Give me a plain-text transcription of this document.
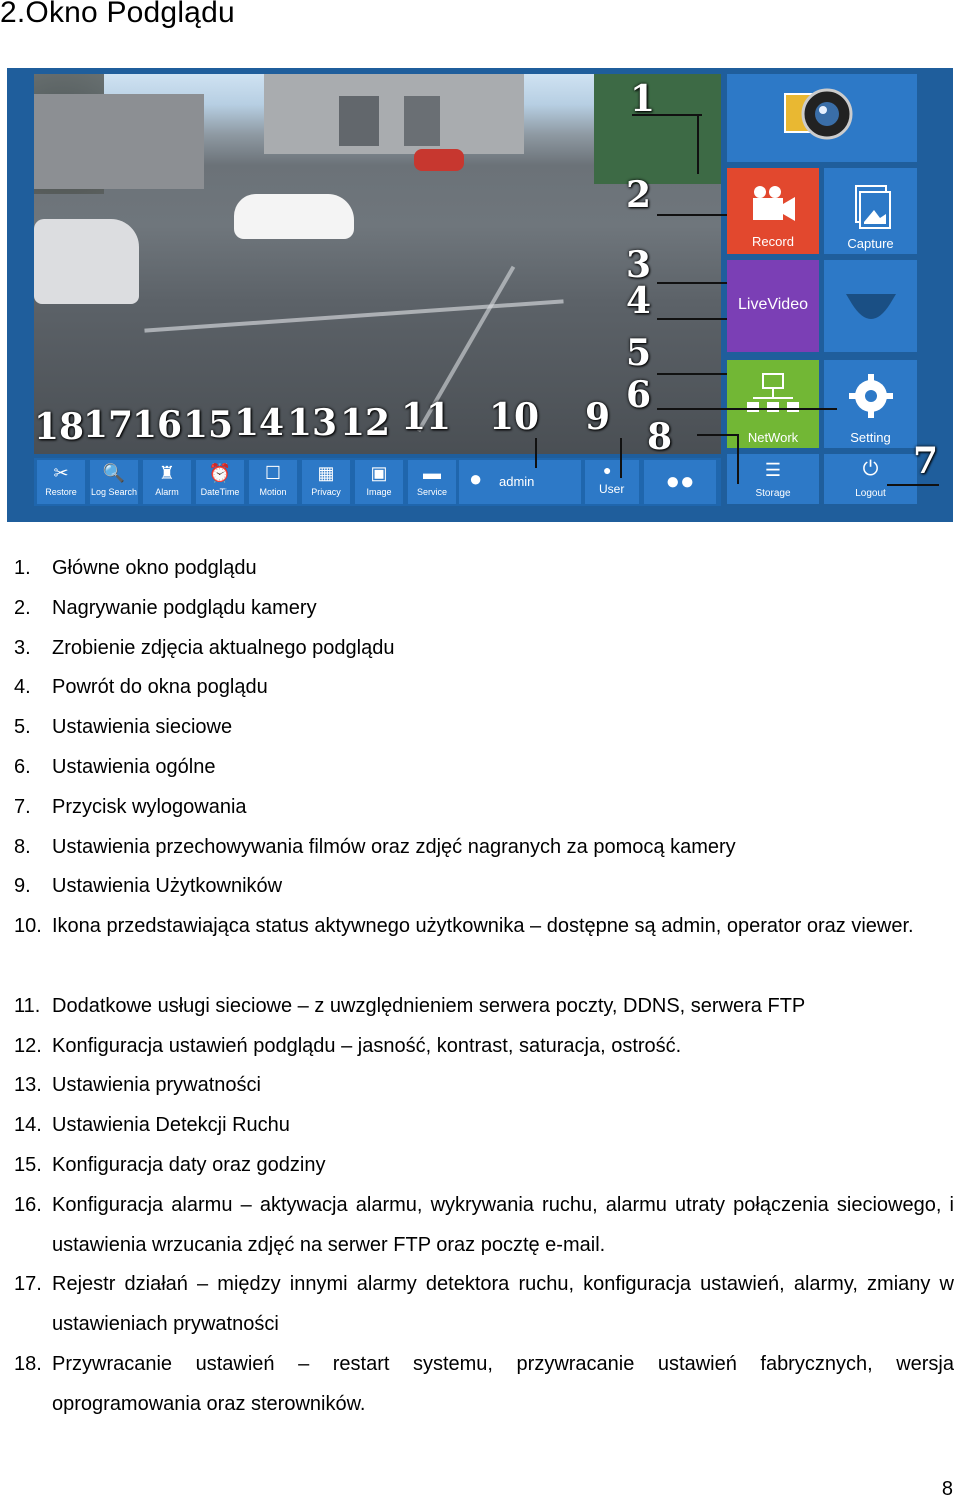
2.Okno Podglądu
Record	Capture
LiveVideo
NetWork	Setting
☰
Storage
⏻
Logout
● admin
●
User	●●
1
2
3
4
5
6
7
8
9
10
11
12
13
14
15
16
17
18
✂
Restore
🔍
Log Search
♜
Alarm
⏰
DateTime
☐
Motion
▦
Privacy
▣
Image
▬
Service
1. Główne okno podglądu
2. Nagrywanie podglądu kamery
3. Zrobienie zdjęcia aktualnego podglądu
4. Powrót do okna poglądu
5. Ustawienia sieciowe
6. Ustawienia ogólne
7. Przycisk wylogowania
8. Ustawienia przechowywania filmów oraz zdjęć nagranych za pomocą kamery
9. Ustawienia Użytkowników
10. Ikona przedstawiająca status aktywnego użytkownika – dostępne są admin, operator oraz viewer.
11. Dodatkowe usługi sieciowe – z uwzględnieniem serwera poczty, DDNS, serwera FTP
12. Konfiguracja ustawień podglądu – jasność, kontrast, saturacja, ostrość.
13. Ustawienia prywatności
14. Ustawienia Detekcji Ruchu
15. Konfiguracja daty oraz godziny
16. Konfiguracja alarmu – aktywacja alarmu, wykrywania ruchu, alarmu utraty połączenia sieciowego, i ustawienia wrzucania zdjęć na serwer FTP oraz pocztę e-mail.
17. Rejestr działań – między innymi alarmy detektora ruchu, konfiguracja ustawień, alarmy, zmiany w ustawieniach prywatności
18. Przywracanie ustawień – restart systemu, przywracanie ustawień fabrycznych, wersja oprogramowania oraz sterowników.
8
